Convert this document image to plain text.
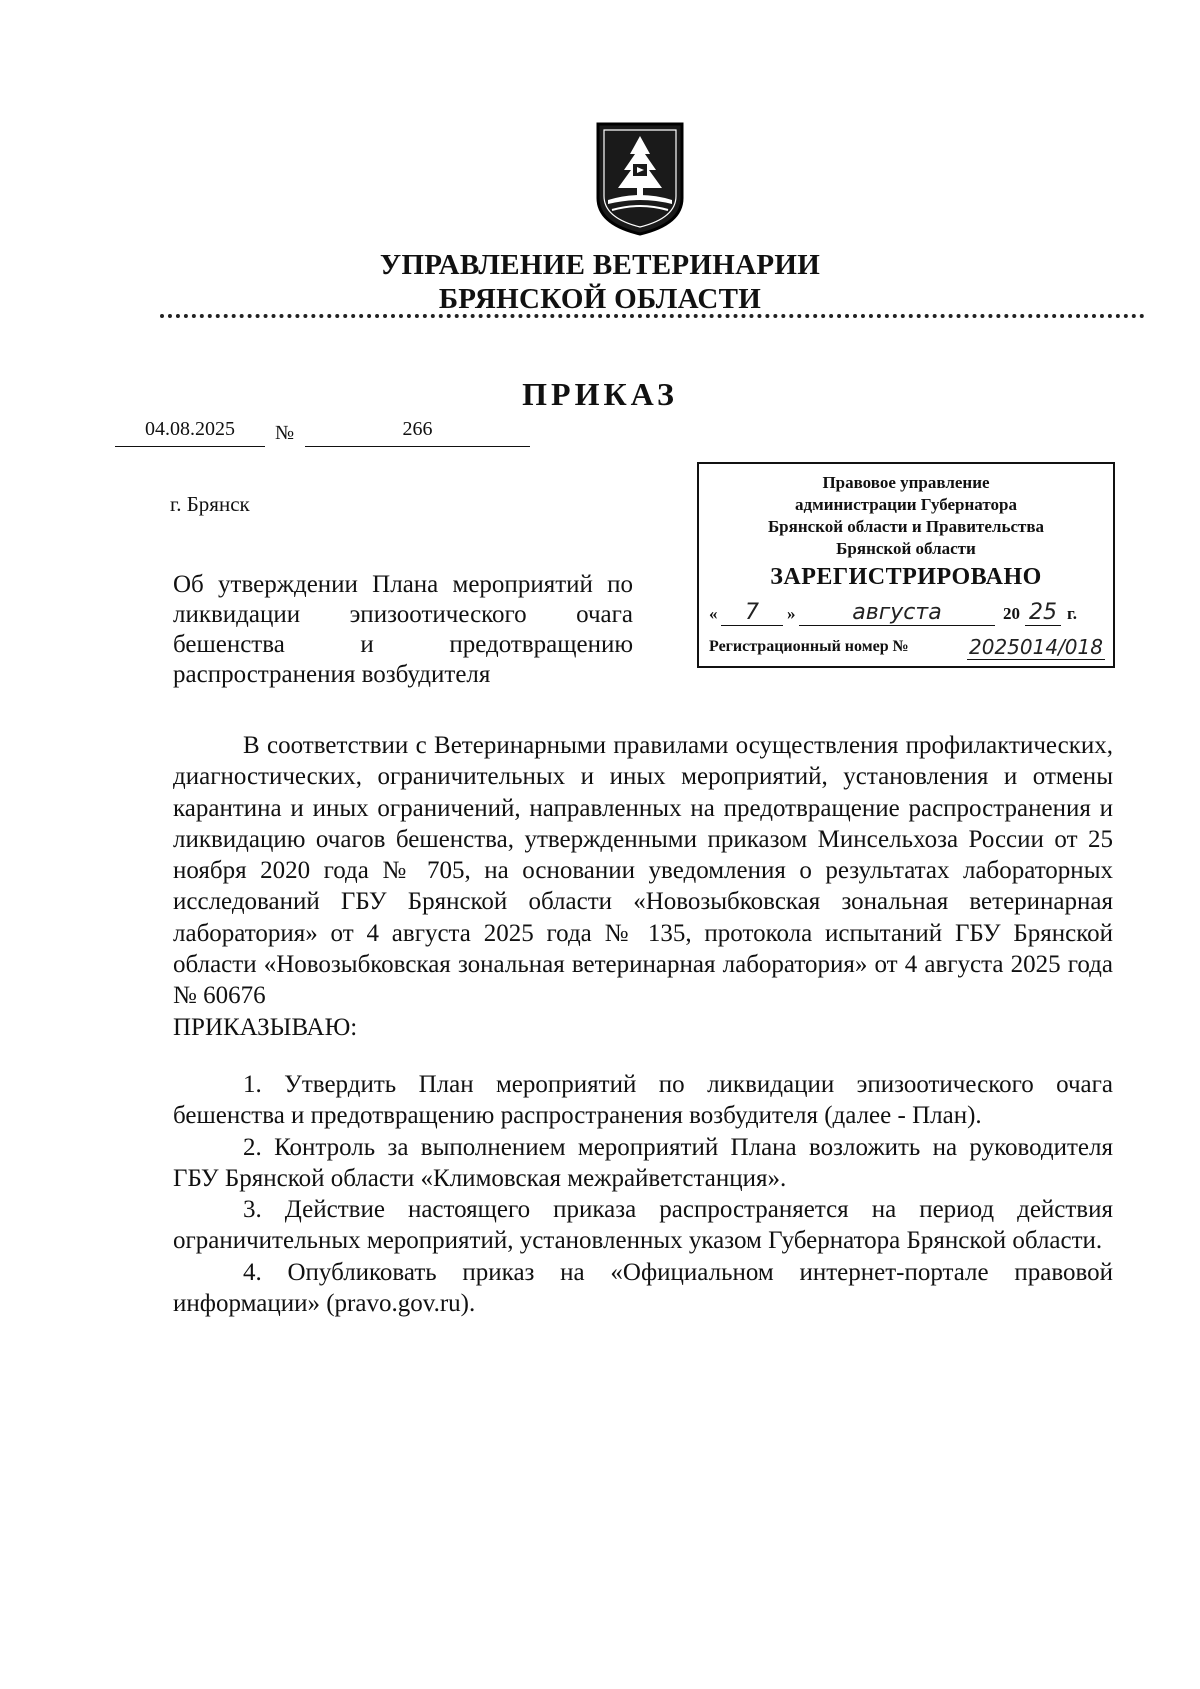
УПРАВЛЕНИЕ ВЕТЕРИНАРИИ
БРЯНСКОЙ ОБЛАСТИ
ПРИКАЗ
04.08.2025	№	266
г. Брянск
Об утверждении Плана мероприятий по ликвидации эпизоотического очага бешенства и предотвращению распространения возбудителя
Правовое управление
администрации Губернатора
Брянской области и Правительства
Брянской области
ЗАРЕГИСТРИРОВАНО
«	7	»	августа	20 25 г.
Регистрационный номер №	2025014/018

В соответствии с Ветеринарными правилами осуществления профилактических, диагностических, ограничительных и иных мероприятий, установления и отмены карантина и иных ограничений, направленных на предотвращение распространения и ликвидацию очагов бешенства, утвержденными приказом Минсельхоза России от 25 ноября 2020 года № 705, на основании уведомления о результатах лабораторных исследований ГБУ Брянской области «Новозыбковская зональная ветеринарная лаборатория» от 4 августа 2025 года № 135, протокола испытаний ГБУ Брянской области «Новозыбковская зональная ветеринарная лаборатория» от 4 августа 2025 года № 60676

ПРИКАЗЫВАЮ:

1. Утвердить План мероприятий по ликвидации эпизоотического очага бешенства и предотвращению распространения возбудителя (далее - План).

2. Контроль за выполнением мероприятий Плана возложить на руководителя ГБУ Брянской области «Климовская межрайветстанция».

3. Действие настоящего приказа распространяется на период действия ограничительных мероприятий, установленных указом Губернатора Брянской области.

4. Опубликовать приказ на «Официальном интернет-портале правовой информации» (pravo.gov.ru).
